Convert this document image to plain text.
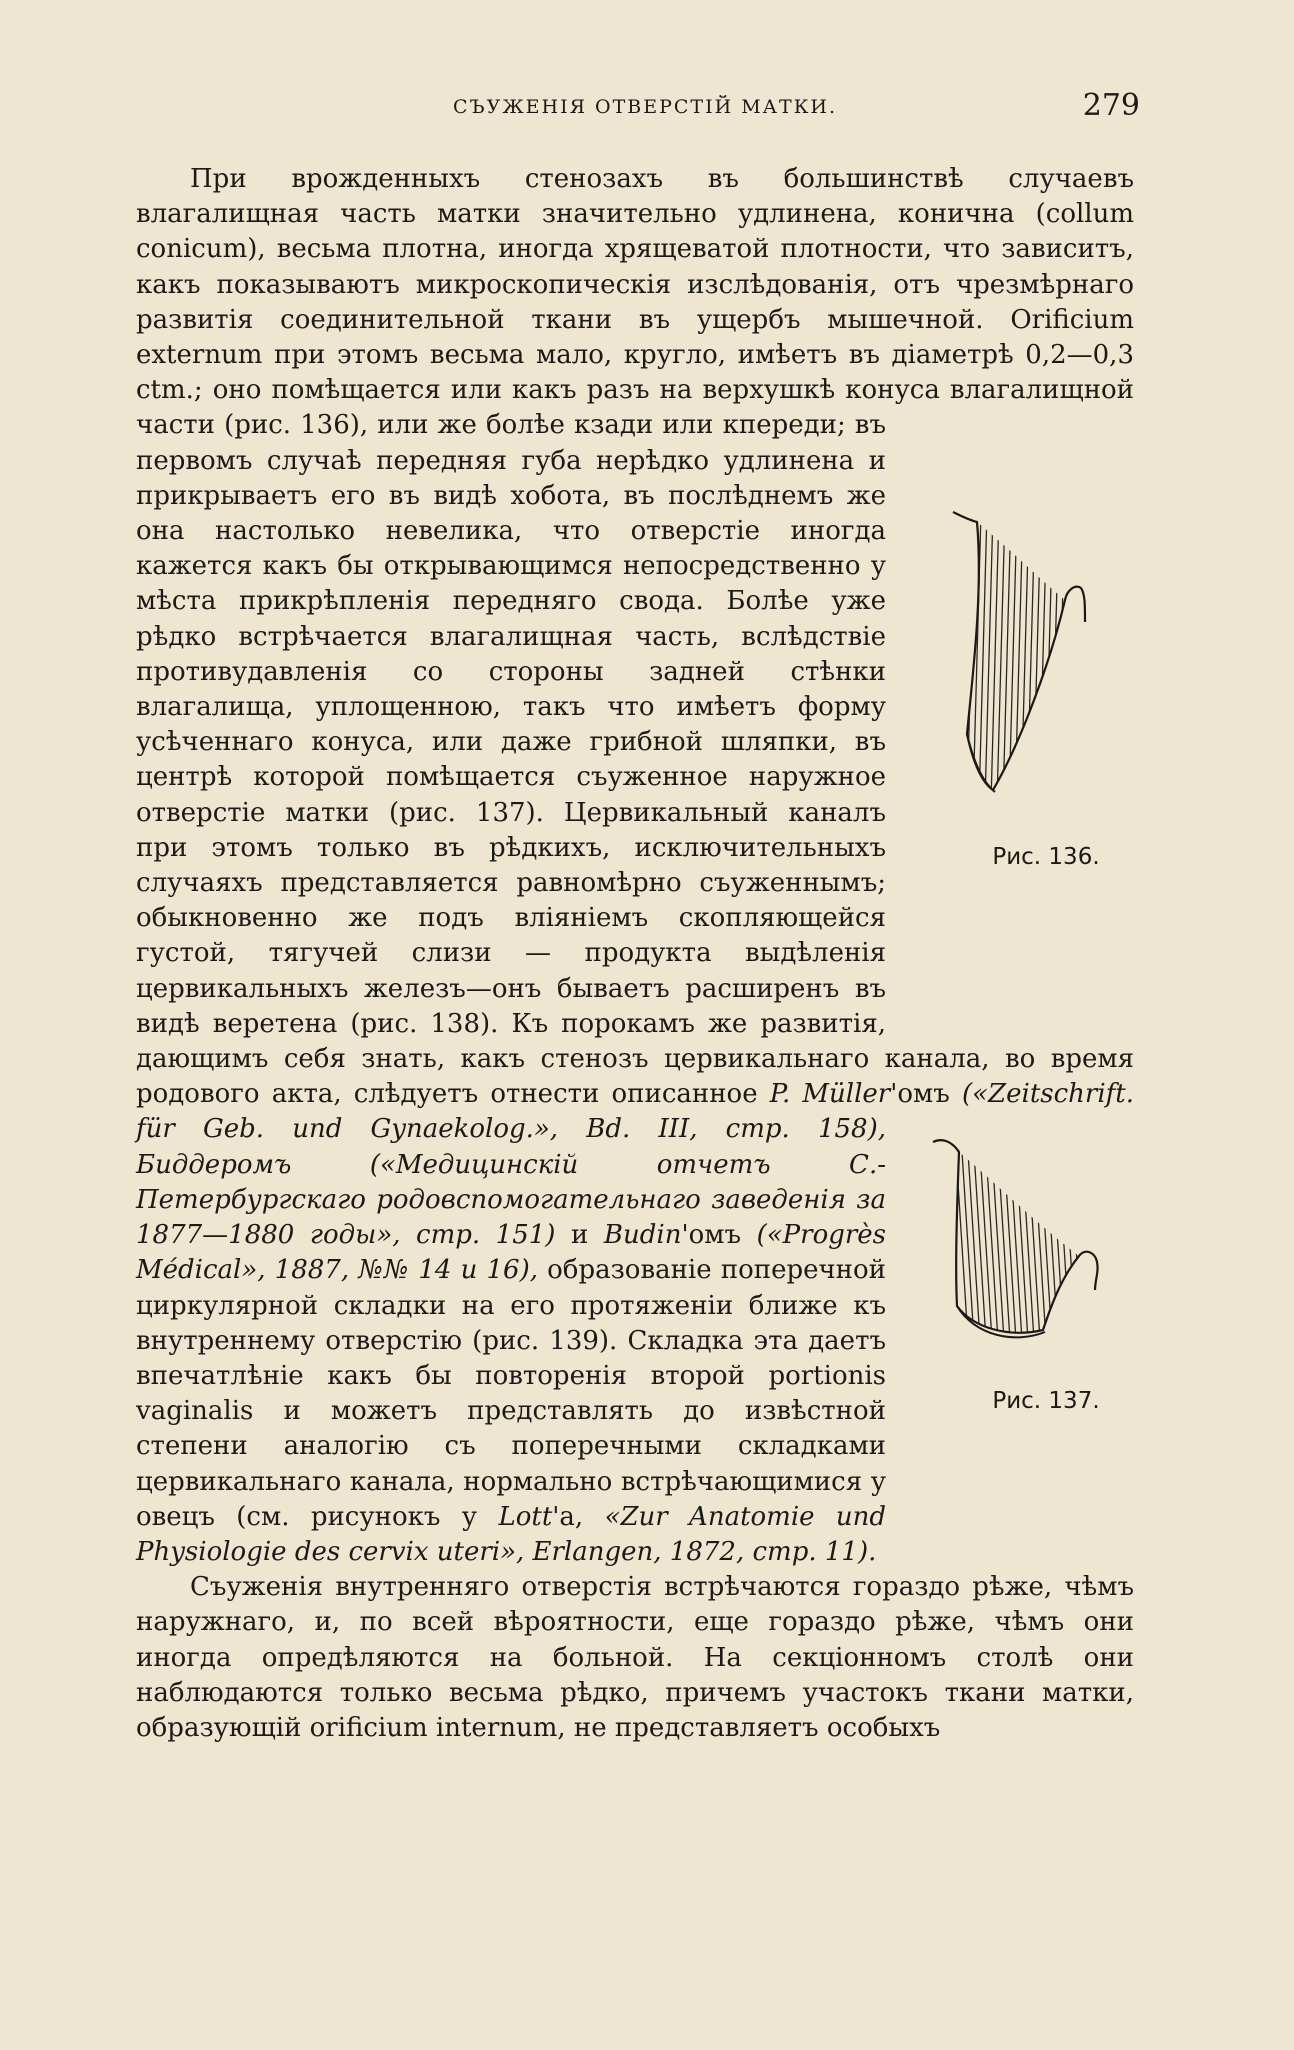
СЪУЖЕНІЯ ОТВЕРСТІЙ МАТКИ.	279

При врожденныхъ стенозахъ въ большинствѣ случаевъ влагалищная часть матки значительно удлинена, конична (collum conicum), весьма плотна, иногда хрящеватой плотности, что зависитъ, какъ показываютъ микроскопическія изслѣдованія, отъ чрезмѣрнаго развитія соединительной ткани въ ущербъ мышечной. Orificium externum при этомъ весьма мало, кругло, имѣетъ въ діаметрѣ 0,2—0,3 ctm.; оно помѣщается или какъ разъ на верхушкѣ конуса влагалищной части (рис. 136), или же болѣе
Рис. 136.
кзади или кпереди; въ первомъ случаѣ передняя губа нерѣдко удлинена и прикрываетъ его въ видѣ хобота, въ послѣднемъ же она настолько невелика, что отверстіе иногда кажется какъ бы открывающимся непосредственно у мѣста прикрѣпленія передняго свода. Болѣе уже рѣдко встрѣчается влагалищная часть, вслѣдствіе противудавленія со стороны задней стѣнки влагалища, уплощенною, такъ что имѣетъ форму усѣченнаго конуса, или даже грибной шляпки, въ центрѣ которой помѣщается съуженное наружное отверстіе матки (рис. 137). Цервикальный каналъ при этомъ только въ рѣдкихъ, исключительныхъ случаяхъ представляется равномѣрно съуженнымъ; обыкновенно же подъ вліяніемъ скопляющейся густой, тягучей слизи — продукта выдѣленія цервикальныхъ железъ—онъ бываетъ расширенъ въ видѣ веретена (рис. 138). Къ порокамъ же развитія, дающимъ себя знать, какъ стенозъ цервикальнаго канала, во время родового акта, слѣдуетъ отнести описанное P. Müller'омъ
Рис. 137.
(«Zeitschrift. für Geb. und Gynaekolog.», Bd. III, стр. 158), Биддеромъ («Медицинскій отчетъ С.-Петербургскаго родовспомогательнаго заведенія за 1877—1880 годы», стр. 151) и Budin'омъ («Progrès Médical», 1887, №№ 14 и 16), образованіе поперечной циркулярной складки на его протяженіи ближе къ внутреннему отверстію (рис. 139). Складка эта даетъ впечатлѣніе какъ бы повторенія второй portionis vaginalis и можетъ представлять до извѣстной степени аналогію съ поперечными складками цервикальнаго канала, нормально встрѣчающимися у овецъ (см. рисунокъ у Lott'а, «Zur Anatomie und Physiologie des cervix uteri», Erlangen, 1872, стр. 11).

Съуженія внутренняго отверстія встрѣчаются гораздо рѣже, чѣмъ наружнаго, и, по всей вѣроятности, еще гораздо рѣже, чѣмъ они иногда опредѣляются на больной. На секціонномъ столѣ они наблюдаются только весьма рѣдко, причемъ участокъ ткани матки, образующій orificium internum, не представляетъ особыхъ
